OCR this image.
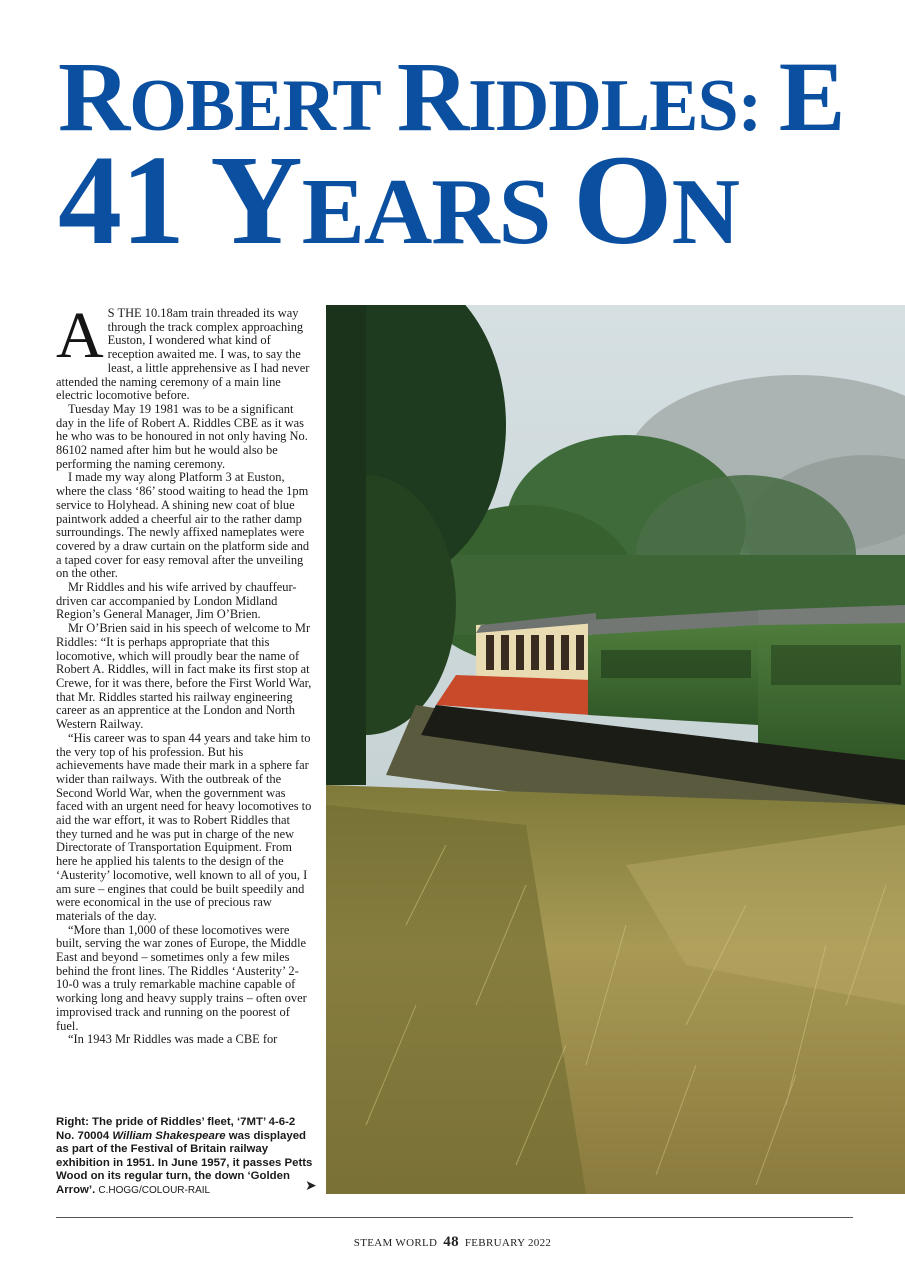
ROBERT RIDDLES: E
41 YEARS ON

A S THE 10.18am train threaded its way through the track complex approaching Euston, I wondered what kind of reception awaited me. I was, to say the least, a little apprehensive as I had never attended the naming ceremony of a main line electric locomotive before.

Tuesday May 19 1981 was to be a significant day in the life of Robert A. Riddles CBE as it was he who was to be honoured in not only having No. 86102 named after him but he would also be performing the naming ceremony.

I made my way along Platform 3 at Euston, where the class ‘86’ stood waiting to head the 1pm service to Holyhead. A shining new coat of blue paintwork added a cheerful air to the rather damp surroundings. The newly affixed nameplates were covered by a draw curtain on the platform side and a taped cover for easy removal after the unveiling on the other.

Mr Riddles and his wife arrived by chauffeur-driven car accompanied by London Midland Region’s General Manager, Jim O’Brien.

Mr O’Brien said in his speech of welcome to Mr Riddles: “It is perhaps appropriate that this locomotive, which will proudly bear the name of Robert A. Riddles, will in fact make its first stop at Crewe, for it was there, before the First World War, that Mr. Riddles started his railway engineering career as an apprentice at the London and North Western Railway.

“His career was to span 44 years and take him to the very top of his profession. But his achievements have made their mark in a sphere far wider than railways. With the outbreak of the Second World War, when the government was faced with an urgent need for heavy locomotives to aid the war effort, it was to Robert Riddles that they turned and he was put in charge of the new Directorate of Transportation Equipment. From here he applied his talents to the design of the ‘Austerity’ locomotive, well known to all of you, I am sure – engines that could be built speedily and were economical in the use of precious raw materials of the day.

“More than 1,000 of these locomotives were built, serving the war zones of Europe, the Middle East and beyond – sometimes only a few miles behind the front lines. The Riddles ‘Austerity’ 2-10-0 was a truly remarkable machine capable of working long and heavy supply trains – often over improvised track and running on the poorest of fuel.

“In 1943 Mr Riddles was made a CBE for

Right: The pride of Riddles’ fleet, ‘7MT’ 4-6-2 No. 70004 William Shakespeare was displayed as part of the Festival of Britain railway exhibition in 1951. In June 1957, it passes Petts Wood on its regular turn, the down ‘Golden Arrow’. C.HOGG/COLOUR-RAIL	➤
STEAM WORLD 48 FEBRUARY 2022
